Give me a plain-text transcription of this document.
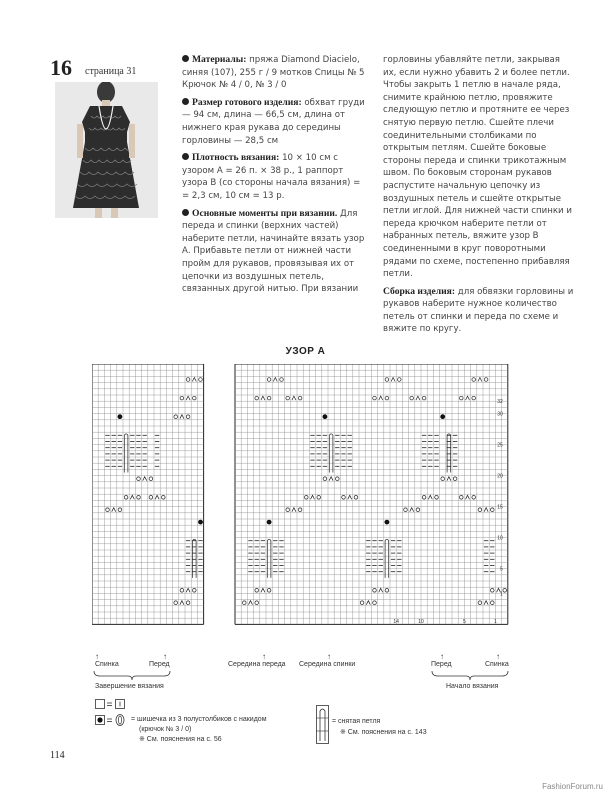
16 страница 31
Материалы: пряжа Diamond Diacielo, синяя (107), 255 г / 9 мотков Спицы № 5 Крючок № 4 / 0, № 3 / 0
Размер готового изделия: обхват груди — 94 см, длина — 66,5 см, длина от нижнего края рукава до середины горловины — 28,5 см
Плотность вязания: 10 × 10 см с узором А = 26 п. × 38 р., 1 раппорт узора В (со стороны начала вязания) = = 2,3 см, 10 см = 13 р.
Основные моменты при вязании. Для переда и спинки (верхних частей) наберите петли, начинайте вязать узор А. Прибавьте петли от нижней части пройм для рукавов, провязывая их от цепочки из воздушных петель, связанных другой нитью. При вязании
горловины убавляйте петли, закрывая их, если нужно убавить 2 и более петли. Чтобы закрыть 1 петлю в начале ряда, снимите крайнюю петлю, провяжите следующую петлю и протяните ее через снятую первую петлю. Сшейте плечи соединительными столбиками по открытым петлям. Сшейте боковые стороны переда и спинки трикотажным швом. По боковым сторонам рукавов распустите начальную цепочку из воздушных петель и сшейте открытые петли иглой. Для нижней части спинки и переда крючком наберите петли от набранных петель, вяжите узор В соединенными в круг поворотными рядами по схеме, постепенно прибавляя петли.
Сборка изделия: для обвязки горловины и рукавов наберите нужное количество петель от спинки и переда по схеме и вяжите по кругу.
УЗОР А
32
30
25
20
15
10
5
1
14	10	5	1
↑
Спинка
↑
Перед
↑
Середина переда
↑
Середина спинки
↑
Перед
↑
Спинка
Завершение вязания	Начало вязания
= шишечка из 3 полустолбиков с накидом
(крючок № 3 / 0)
※ См. пояснения на с. 56
= снятая петля
※ См. пояснения на с. 143
114
FashionForum.ru
